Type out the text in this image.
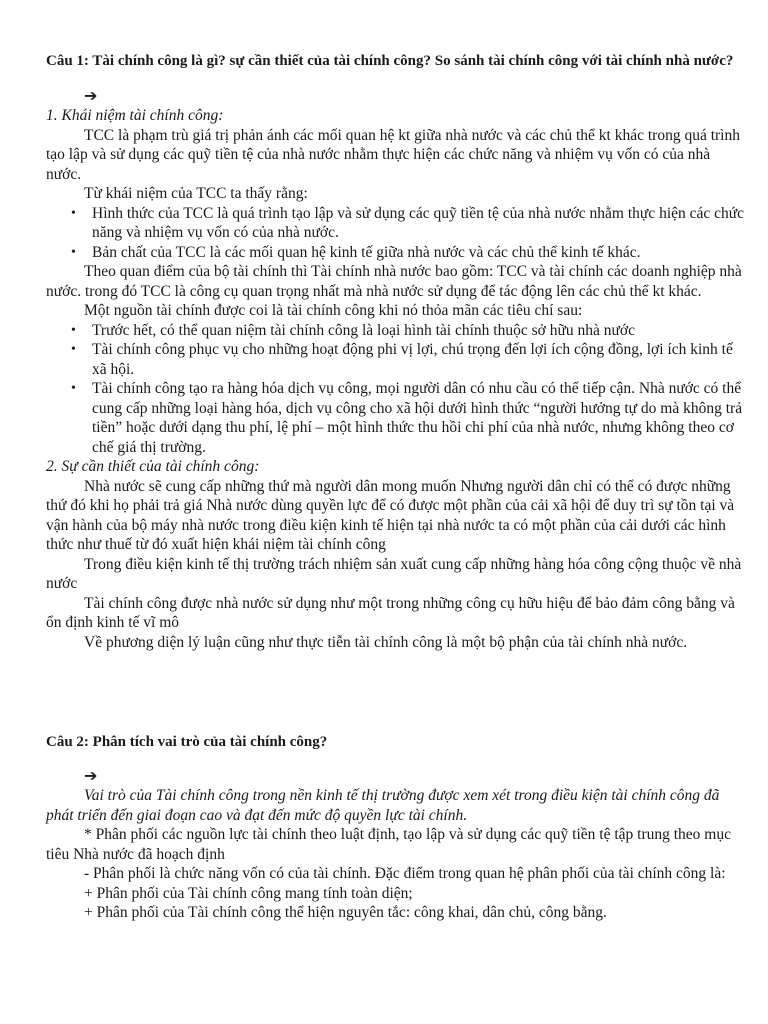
Câu 1: Tài chính công là gì? sự cần thiết của tài chính công? So sánh tài chính công với tài chính nhà nước?
➔

1. Khái niệm tài chính công:

TCC là phạm trù giá trị phản ánh các mối quan hệ kt giữa nhà nước và các chủ thể kt khác trong quá trình tạo lập và sử dụng các quỹ tiền tệ của nhà nước nhằm thực hiện các chức năng và nhiệm vụ vốn có của nhà nước.

Từ khái niệm của TCC ta thấy rằng:

• Hình thức của TCC là quá trình tạo lập và sử dụng các quỹ tiền tệ của nhà nước nhằm thực hiện các chức năng và nhiệm vụ vốn có của nhà nước.
• Bản chất của TCC là các mối quan hệ kinh tế giữa nhà nước và các chủ thể kinh tế khác.

Theo quan điểm của bộ tài chính thì Tài chính nhà nước bao gồm: TCC và tài chính các doanh nghiệp nhà nước. trong đó TCC là công cụ quan trọng nhất mà nhà nước sử dụng để tác động lên các chủ thể kt khác.

Một nguồn tài chính được coi là tài chính công khi nó thỏa mãn các tiêu chí sau:

• Trước hết, có thể quan niệm tài chính công là loại hình tài chính thuộc sở hữu nhà nước
• Tài chính công phục vụ cho những hoạt động phi vị lợi, chú trọng đến lợi ích cộng đồng, lợi ích kinh tế xã hội.
• Tài chính công tạo ra hàng hóa dịch vụ công, mọi người dân có nhu cầu có thể tiếp cận. Nhà nước có thể cung cấp những loại hàng hóa, dịch vụ công cho xã hội dưới hình thức “người hưởng tự do mà không trả tiền” hoặc dưới dạng thu phí, lệ phí – một hình thức thu hồi chi phí của nhà nước, nhưng không theo cơ chế giá thị trường.

2. Sự cần thiết của tài chính công:

Nhà nước sẽ cung cấp những thứ mà người dân mong muốn Nhưng người dân chỉ có thể có được những thứ đó khi họ phải trả giá Nhà nước dùng quyền lực để có được một phần của cải xã hội để duy trì sự tồn tại và vận hành của bộ máy nhà nước trong điều kiện kinh tế hiện tại nhà nước ta có một phần của cải dưới các hình thức như thuế từ đó xuất hiện khái niệm tài chính công

Trong điều kiện kinh tế thị trường trách nhiệm sản xuất cung cấp những hàng hóa công cộng thuộc về nhà nước

Tài chính công được nhà nước sử dụng như một trong những công cụ hữu hiệu để bảo đảm công bằng và ổn định kinh tế vĩ mô

Về phương diện lý luận cũng như thực tiễn tài chính công là một bộ phận của tài chính nhà nước.

Câu 2: Phân tích vai trò của tài chính công?
➔

Vai trò của Tài chính công trong nền kinh tế thị trường được xem xét trong điều kiện tài chính công đã phát triển đến giai đoạn cao và đạt đến mức độ quyền lực tài chính.

* Phân phối các nguồn lực tài chính theo luật định, tạo lập và sử dụng các quỹ tiền tệ tập trung theo mục tiêu Nhà nước đã hoạch định

- Phân phối là chức năng vốn có của tài chính. Đặc điểm trong quan hệ phân phối của tài chính công là:

+ Phân phối của Tài chính công mang tính toàn diện;

+ Phân phối của Tài chính công thể hiện nguyên tắc: công khai, dân chủ, công bằng.
